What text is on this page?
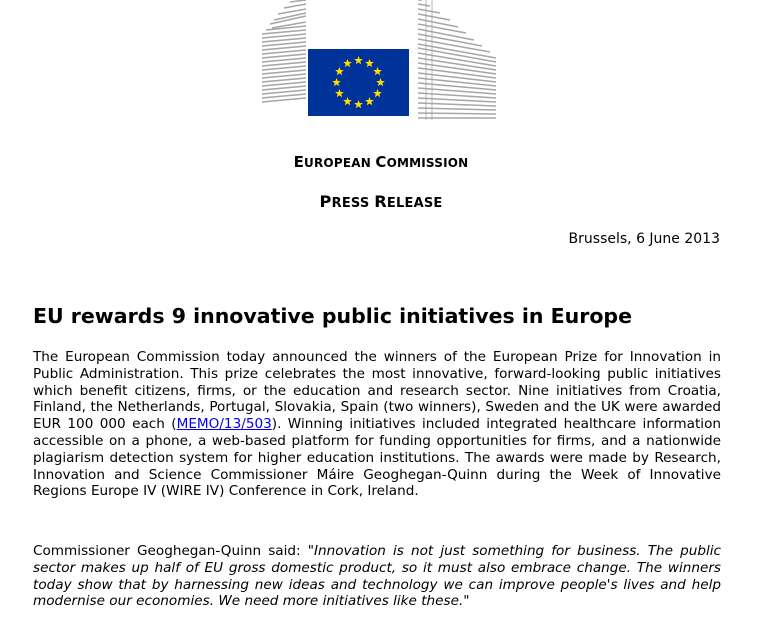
EUROPEAN COMMISSION
PRESS RELEASE
Brussels, 6 June 2013
EU rewards 9 innovative public initiatives in Europe

The European Commission today announced the winners of the European Prize for Innovation in Public Administration. This prize celebrates the most innovative, forward-looking public initiatives which benefit citizens, firms, or the education and research sector. Nine initiatives from Croatia, Finland, the Netherlands, Portugal, Slovakia, Spain (two winners), Sweden and the UK were awarded EUR 100 000 each (MEMO/13/503). Winning initiatives included integrated healthcare information accessible on a phone, a web-based platform for funding opportunities for firms, and a nationwide plagiarism detection system for higher education institutions. The awards were made by Research, Innovation and Science Commissioner Máire Geoghegan-Quinn during the Week of Innovative Regions Europe IV (WIRE IV) Conference in Cork, Ireland.

Commissioner Geoghegan-Quinn said: "Innovation is not just something for business. The public sector makes up half of EU gross domestic product, so it must also embrace change. The winners today show that by harnessing new ideas and technology we can improve people's lives and help modernise our economies. We need more initiatives like these."
